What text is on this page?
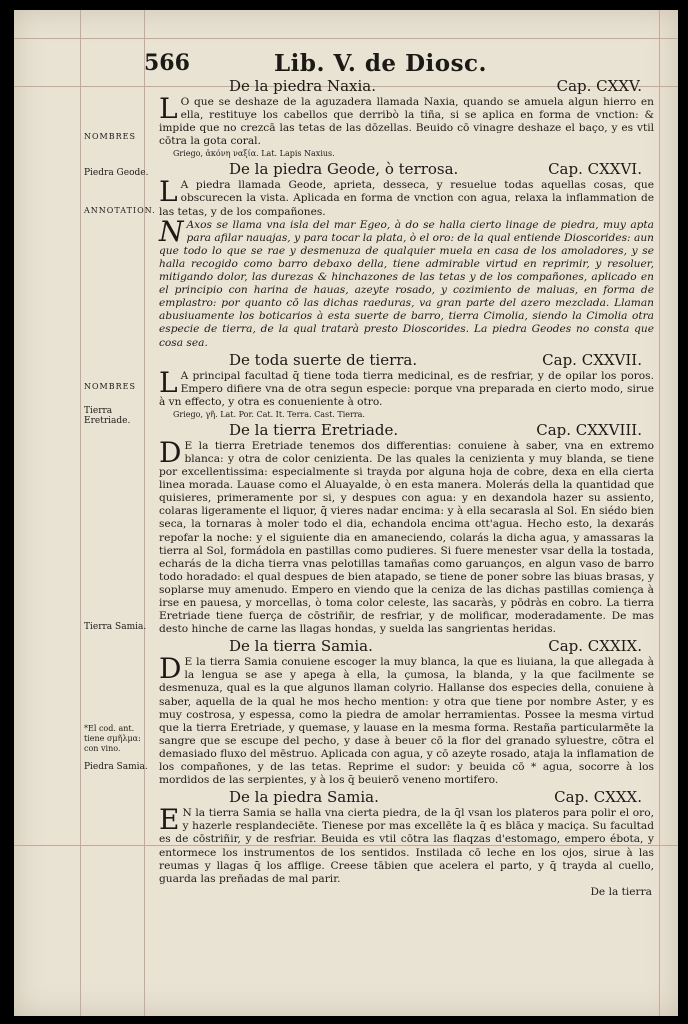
566	Lib. V. de Diosc.
NOMBRES
Piedra Geode.
ANNOTATION.
NOMBRES
Tierra Eretriade.
Tierra Samia.
*El cod. ant. tiene σμῆλμα: con vino.
Piedra Samia.
De la piedra Naxia.	Cap. CXXV.

L O que se deshaze de la aguzadera llamada Naxia, quando se amuela algun hierro en ella, restituye los cabellos que derribò la tiña, si se aplica en forma de vnction: & impide que no crezcā las tetas de las dōzellas. Beuido cō vinagre deshaze el baço, y es vtil cōtra la gota coral.

Griego, ἀκόνη ναξία. Lat. Lapis Naxius.

De la piedra Geode, ò terrosa.	Cap. CXXVI.

L A piedra llamada Geode, aprieta, desseca, y resuelue todas aquellas cosas, que obscurecen la vista. Aplicada en forma de vnction con agua, relaxa la inflammation de las tetas, y de los compañones.

N Axos se llama vna isla del mar Egeo, à do se halla cierto linage de piedra, muy apta para afilar nauajas, y para tocar la plata, ò el oro: de la qual entiende Dioscorides: aun que todo lo que se rae y desmenuza de qualquier muela en casa de los amoladores, y se halla recogido como barro debaxo della, tiene admirable virtud en reprimir, y resoluer, mitigando dolor, las durezas & hinchazones de las tetas y de los compañones, aplicado en el principio con harina de hauas, azeyte rosado, y cozimiento de maluas, en forma de emplastro: por quanto cō las dichas raeduras, va gran parte del azero mezclada. Llaman abusiuamente los boticarios à esta suerte de barro, tierra Cimolia, siendo la Cimolia otra especie de tierra, de la qual tratarà presto Dioscorides. La piedra Geodes no consta que cosa sea.

De toda suerte de tierra.	Cap. CXXVII.

L A principal facultad q̄ tiene toda tierra medicinal, es de resfriar, y de opilar los poros. Empero difiere vna de otra segun especie: porque vna preparada en cierto modo, sirue à vn effecto, y otra es conueniente à otro.

Griego, γῆ. Lat. Por. Cat. It. Terra. Cast. Tierra.

De la tierra Eretriade.	Cap. CXXVIII.

D E la tierra Eretriade tenemos dos differentias: conuiene à saber, vna en extremo blanca: y otra de color cenizienta. De las quales la cenizienta y muy blanda, se tiene por excellentissima: especialmente si trayda por alguna hoja de cobre, dexa en ella cierta linea morada. Lauase como el Aluayalde, ò en esta manera. Molerás della la quantidad que quisieres, primeramente por si, y despues con agua: y en dexandola hazer su assiento, colaras ligeramente el liquor, q̄ vieres nadar encima: y à ella secarasla al Sol. En siédo bien seca, la tornaras à moler todo el dia, echandola encima ott'agua. Hecho esto, la dexarás repofar la noche: y el siguiente dia en amaneciendo, colarás la dicha agua, y amassaras la tierra al Sol, formádola en pastillas como pudieres. Si fuere menester vsar della la tostada, echarás de la dicha tierra vnas pelotillas tamañas como garuanços, en algun vaso de barro todo horadado: el qual despues de bien atapado, se tiene de poner sobre las biuas brasas, y soplarse muy amenudo. Empero en viendo que la ceniza de las dichas pastillas comiença à irse en pauesa, y morcellas, ò toma color celeste, las sacaràs, y pōdràs en cobro. La tierra Eretriade tiene fuerça de cōstriñir, de resfriar, y de molificar, moderadamente. De mas desto hinche de carne las llagas hondas, y suelda las sangrientas heridas.

De la tierra Samia.	Cap. CXXIX.

D E la tierra Samia conuiene escoger la muy blanca, la que es liuiana, la que allegada à la lengua se ase y apega à ella, la çumosa, la blanda, y la que facilmente se desmenuza, qual es la que algunos llaman colyrio. Hallanse dos especies della, conuiene à saber, aquella de la qual he mos hecho mention: y otra que tiene por nombre Aster, y es muy costrosa, y espessa, como la piedra de amolar herramientas. Possee la mesma virtud que la tierra Eretriade, y quemase, y lauase en la mesma forma. Restaña particularmēte la sangre que se escupe del pecho, y dase à beuer cō la flor del granado syluestre, cōtra el demasiado fluxo del mēstruo. Aplicada con agua, y cō azeyte rosado, ataja la inflamation de los compañones, y de las tetas. Reprime el sudor: y beuida cō * agua, socorre à los mordidos de las serpientes, y à los q̄ beuierō veneno mortifero.

De la piedra Samia.	Cap. CXXX.

E N la tierra Samia se halla vna cierta piedra, de la q̄l vsan los plateros para polir el oro, y hazerle resplandeciēte. Tienese por mas excellēte la q̄ es blāca y maciça. Su facultad es de cōstriñir, y de resfriar. Beuida es vtil cōtra las flaqzas d'estomago, empero ébota, y entormece los instrumentos de los sentidos. Instilada cō leche en los ojos, sirue à las reumas y llagas q̄ los afflige. Creese tābien que acelera el parto, y q̄ trayda al cuello, guarda las preñadas de mal parir.

De la tierra
